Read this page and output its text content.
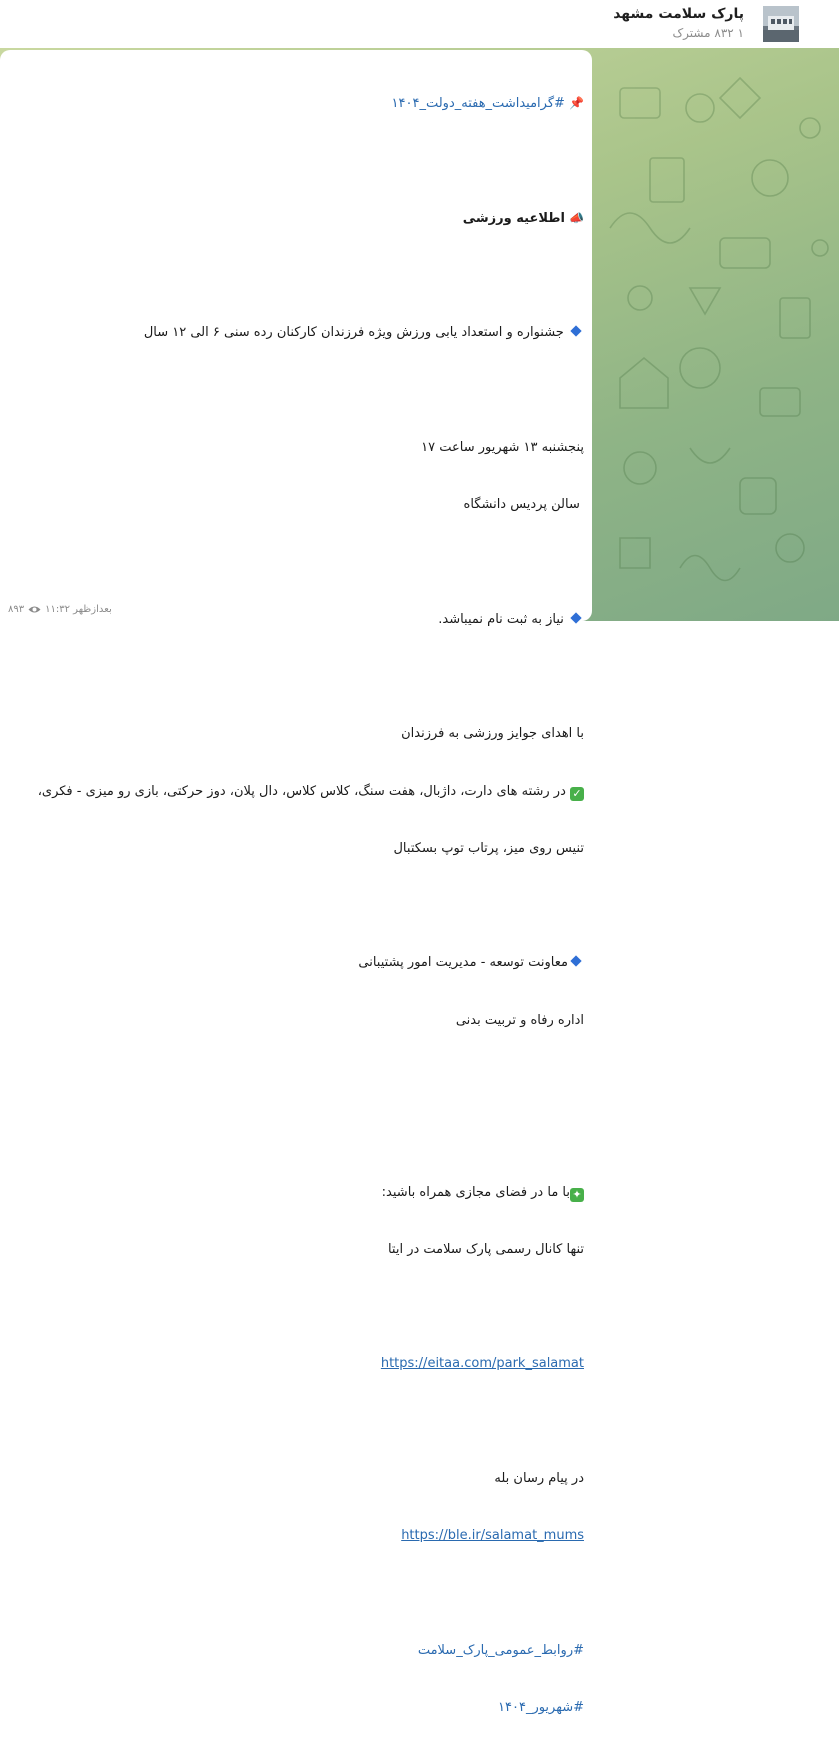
پارک سلامت مشهد
۱ ۸۳۲ مشترک

📌 #گرامیداشت_هفته_دولت_۱۴۰۴

📣 اطلاعیه ورزشی

جشنواره و استعداد یابی ورزش ویژه فرزندان کارکنان رده سنی ۶ الی ۱۲ سال

پنجشنبه ۱۳ شهریور ساعت ۱۷

سالن پردیس دانشگاه

نیاز به ثبت نام نمیباشد.

با اهدای جوایز ورزشی به فرزندان

✓ در رشته های دارت، داژبال، هفت سنگ، کلاس کلاس، دال پلان، دوز حرکتی، بازی رو میزی - فکری،

تنیس روی میز، پرتاب توپ بسکتبال

معاونت توسعه - مدیریت امور پشتیبانی

اداره رفاه و تربیت بدنی

✦با ما در فضای مجازی همراه باشید:

تنها کانال رسمی پارک سلامت در ایتا

https://eitaa.com/park_salamat

در پیام رسان بله

https://ble.ir/salamat_mums

#روابط_عمومی_پارک_سلامت

#شهریور_۱۴۰۴

۸۹۳ ۱۱:۳۲ بعدازظهر
